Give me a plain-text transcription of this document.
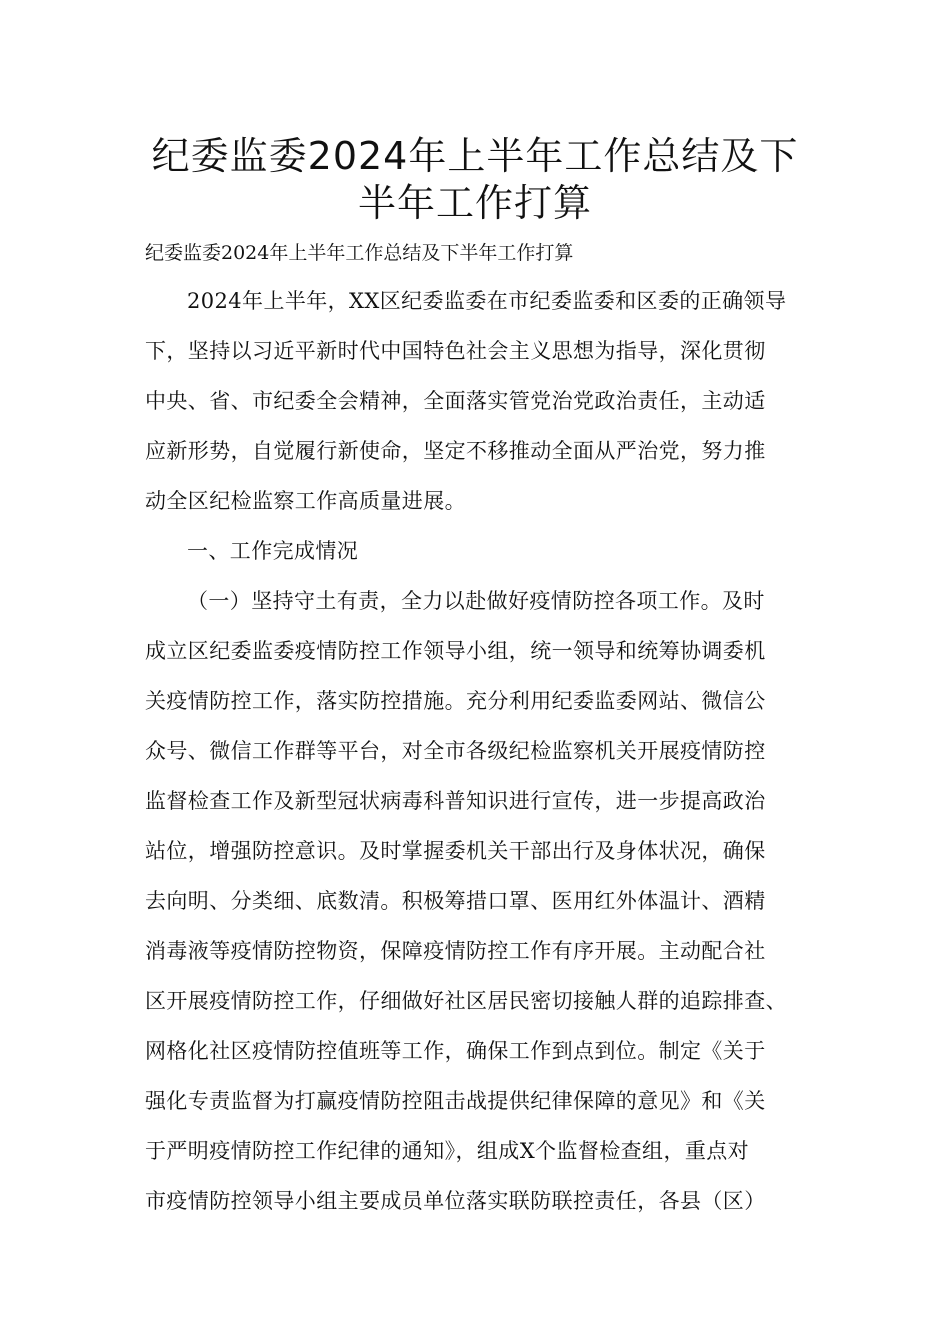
纪委监委2024年上半年工作总结及下
半年工作打算
纪委监委2024年上半年工作总结及下半年工作打算
2024年上半年，XX区纪委监委在市纪委监委和区委的正确领导
下，坚持以习近平新时代中国特色社会主义思想为指导，深化贯彻
中央、省、市纪委全会精神，全面落实管党治党政治责任，主动适
应新形势，自觉履行新使命，坚定不移推动全面从严治党，努力推
动全区纪检监察工作高质量进展。
一、工作完成情况
（一）坚持守土有责，全力以赴做好疫情防控各项工作。及时
成立区纪委监委疫情防控工作领导小组，统一领导和统筹协调委机
关疫情防控工作，落实防控措施。充分利用纪委监委网站、微信公
众号、微信工作群等平台，对全市各级纪检监察机关开展疫情防控
监督检查工作及新型冠状病毒科普知识进行宣传，进一步提高政治
站位，增强防控意识。及时掌握委机关干部出行及身体状况，确保
去向明、分类细、底数清。积极筹措口罩、医用红外体温计、酒精
消毒液等疫情防控物资，保障疫情防控工作有序开展。主动配合社
区开展疫情防控工作，仔细做好社区居民密切接触人群的追踪排查、
网格化社区疫情防控值班等工作，确保工作到点到位。制定《关于
强化专责监督为打赢疫情防控阻击战提供纪律保障的意见》和《关
于严明疫情防控工作纪律的通知》，组成X个监督检查组，重点对
市疫情防控领导小组主要成员单位落实联防联控责任，各县（区）
